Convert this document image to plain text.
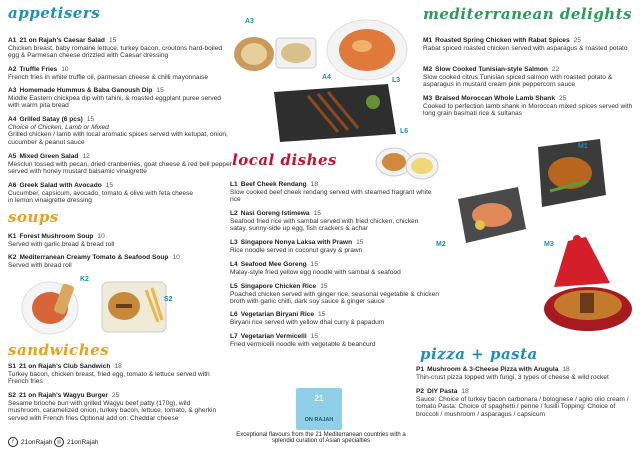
appetisers
soups
sandwiches
local dishes
mediterranean delights
pizza + pasta
A1 21 on Rajah's Caesar Salad 15
Chicken breast, baby romaine lettuce, turkey bacon, croutons hard-boiled egg & Parmesan cheese drizzled with Caesar dressing
A2 Truffle Fries 10
French fries in white truffle oil, parmesan cheese & chilli mayonnaise
A3 Homemade Hummus & Baba Ganoush Dip 15
Middle Eastern chickpea dip with tahini, & roasted eggplant puree served with warm pita bread
A4 Grilled Satay (6 pcs) 15
Choice of Chicken, Lamb or Mixed
Grilled chicken / lamb with local aromatic spices served with ketupat, onion, cucumber & peanut sauce
A5 Mixed Green Salad 12
Mesclun tossed with pecan, dried cranberries, goat cheese & red bell pepper served with honey mustard balsamic vinaigrette
A6 Greek Salad with Avocado 15
Cucumber, capsicum, avocado, tomato & olive with feta cheese in lemon vinaigrette dressing
K1 Forest Mushroom Soup 10
Served with garlic bread & bread roll
K2 Mediterranean Creamy Tomato & Seafood Soup 10
Served with bread roll
S1 21 on Rajah's Club Sandwich 18
Turkey bacon, chicken breast, fried egg, tomato & lettuce served with French fries
S2 21 on Rajah's Wagyu Burger 25
Sesame brioche bun with grilled Wagyu beef patty (170g), wild mushroom, caramelized onion, turkey bacon, lettuce, tomato, & gherkin served with French fries Optional add on: Cheddar cheese
L1 Beef Cheek Rendang 18
Slow cooked beef cheek rendang served with steamed fragrant white rice
L2 Nasi Goreng Istimewa 15
Seafood fried rice with sambal served with fried chicken, chicken satay, sunny-side up egg, fish crackers & achar
L3 Singapore Nonya Laksa with Prawn 15
Rice noodle served in coconut gravy & prawn
L4 Seafood Mee Goreng 15
Malay-style fried yellow egg noodle with sambal & seafood
L5 Singapore Chicken Rice 15
Poached chicken served with ginger rice, seasonal vegetable & chicken broth with garlic chilli, dark soy sauce & ginger sauce
L6 Vegetarian Biryani Rice 15
Biryani rice served with yellow dhal curry & papadum
L7 Vegetarian Vermicelli 15
Fried vermicelli noodle with vegetable & beancurd
M1 Roasted Spring Chicken with Rabat Spices 25
Rabat spiced roasted chicken served with asparagus & roasted potato
M2 Slow Cooked Tunisian-style Salmon 22
Slow cooked citrus Tunisian spiced salmon with roasted potato & asparagus in mustard cream pink peppercorn sauce
M3 Braised Moroccan Whole Lamb Shank 25
Cooked to perfection lamb shank in Moroccan mixed spices served with long grain basmati rice & sultanas
P1 Mushroom & 3-Cheese Pizza with Arugula 18
Thin-crust pizza topped with fungi, 3 types of cheese & wild rocket
P2 DIY Pasta 18
Sauce: Choice of turkey bacon carbonara / bolognese / aglio olio cream / tomato Pasta: Choice of spaghetti / penne / fusilli Topping: Choice of broccoli / mushroom / asparagus / capsicum
A3
L3
A4
L6
M1
M2	M3
K2
S2
21
ON RAJAH
Exceptional flavours from the 21 Mediterranean countries with a splendid curation of Asian specialties
f	21onRajah ◎ 21onRajah
